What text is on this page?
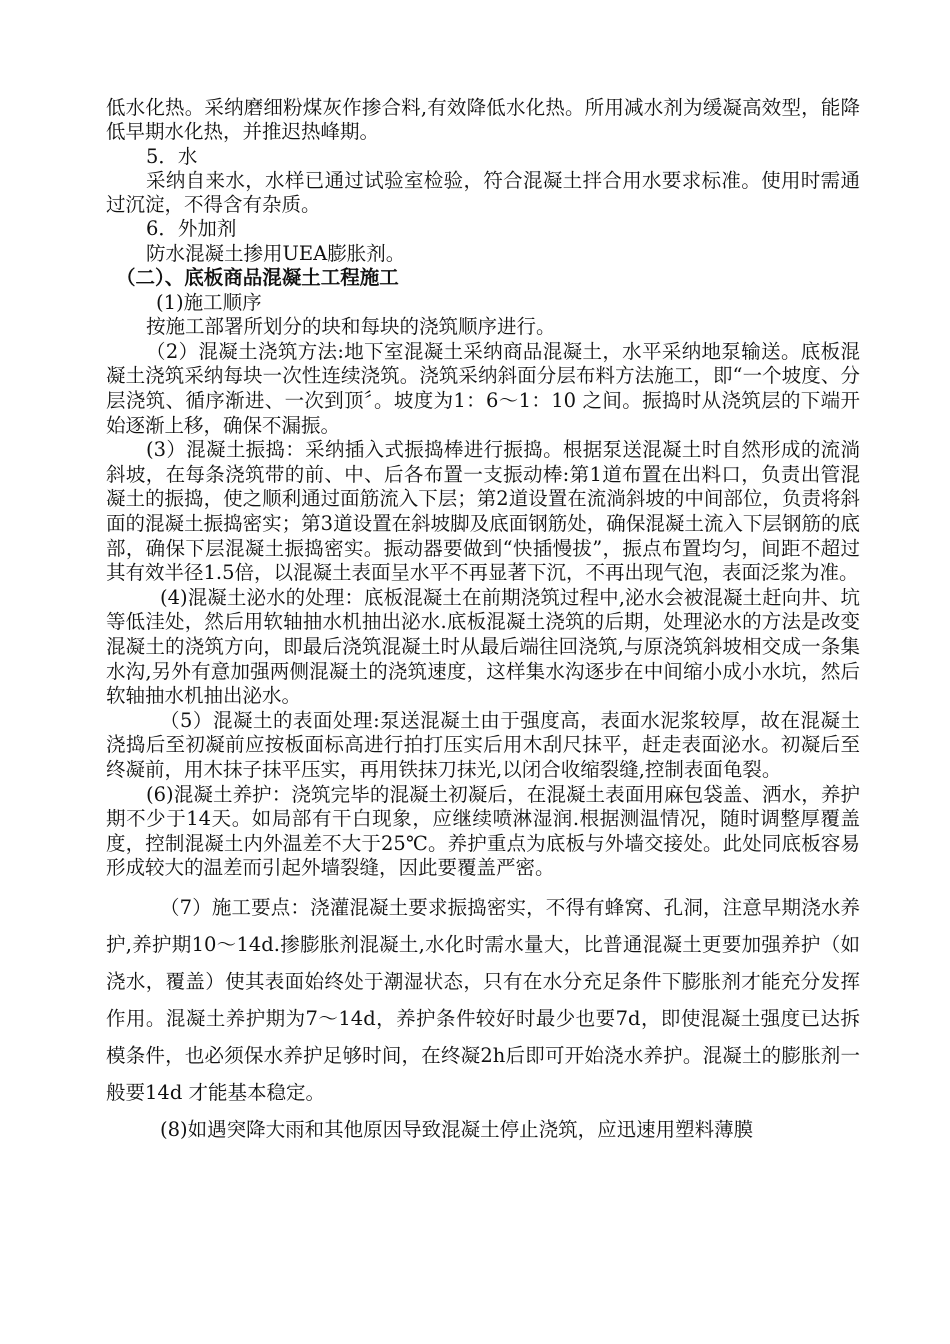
低水化热。采纳磨细粉煤灰作掺合料,有效降低水化热。所用减水剂为缓凝高效型，能降低早期水化热，并推迟热峰期。

5．水

采纳自来水，水样已通过试验室检验，符合混凝土拌合用水要求标准。使用时需通过沉淀，不得含有杂质。

6．外加剂

防水混凝土掺用UEA膨胀剂。

（二）、底板商品混凝土工程施工

(1)施工顺序

按施工部署所划分的块和每块的浇筑顺序进行。

（2）混凝土浇筑方法:地下室混凝土采纳商品混凝土，水平采纳地泵输送。底板混凝土浇筑采纳每块一次性连续浇筑。浇筑采纳斜面分层布料方法施工，即“一个坡度、分层浇筑、循序渐进、一次到顶〞。坡度为1：6～1：10 之间。振捣时从浇筑层的下端开始逐渐上移，确保不漏振。

(3）混凝土振捣：采纳插入式振捣棒进行振捣。根据泵送混凝土时自然形成的流淌斜坡，在每条浇筑带的前、中、后各布置一支振动棒:第1道布置在出料口，负责出管混凝土的振捣，使之顺利通过面筋流入下层；第2道设置在流淌斜坡的中间部位，负责将斜面的混凝土振捣密实；第3道设置在斜坡脚及底面钢筋处，确保混凝土流入下层钢筋的底部，确保下层混凝土振捣密实。振动器要做到“快插慢拔”，振点布置均匀，间距不超过其有效半径1.5倍，以混凝土表面呈水平不再显著下沉，不再出现气泡，表面泛浆为准。

(4)混凝土泌水的处理：底板混凝土在前期浇筑过程中,泌水会被混凝土赶向井、坑等低洼处，然后用软轴抽水机抽出泌水.底板混凝土浇筑的后期，处理泌水的方法是改变混凝土的浇筑方向，即最后浇筑混凝土时从最后端往回浇筑,与原浇筑斜坡相交成一条集水沟,另外有意加强两侧混凝土的浇筑速度，这样集水沟逐步在中间缩小成小水坑，然后软轴抽水机抽出泌水。

（5）混凝土的表面处理:泵送混凝土由于强度高，表面水泥浆较厚，故在混凝土浇捣后至初凝前应按板面标高进行拍打压实后用木刮尺抹平，赶走表面泌水。初凝后至终凝前，用木抹子抹平压实，再用铁抹刀抹光,以闭合收缩裂缝,控制表面龟裂。

(6)混凝土养护：浇筑完毕的混凝土初凝后，在混凝土表面用麻包袋盖、洒水，养护期不少于14天。如局部有干白现象，应继续喷淋湿润.根据测温情况，随时调整厚覆盖度，控制混凝土内外温差不大于25℃。养护重点为底板与外墙交接处。此处同底板容易形成较大的温差而引起外墙裂缝，因此要覆盖严密。

（7）施工要点：浇灌混凝土要求振捣密实，不得有蜂窝、孔洞，注意早期浇水养护,养护期10～14d.掺膨胀剂混凝土,水化时需水量大，比普通混凝土更要加强养护（如浇水，覆盖）使其表面始终处于潮湿状态，只有在水分充足条件下膨胀剂才能充分发挥作用。混凝土养护期为7～14d，养护条件较好时最少也要7d，即使混凝土强度已达拆模条件，也必须保水养护足够时间，在终凝2h后即可开始浇水养护。混凝土的膨胀剂一般要14d 才能基本稳定。

(8)如遇突降大雨和其他原因导致混凝土停止浇筑，应迅速用塑料薄膜
